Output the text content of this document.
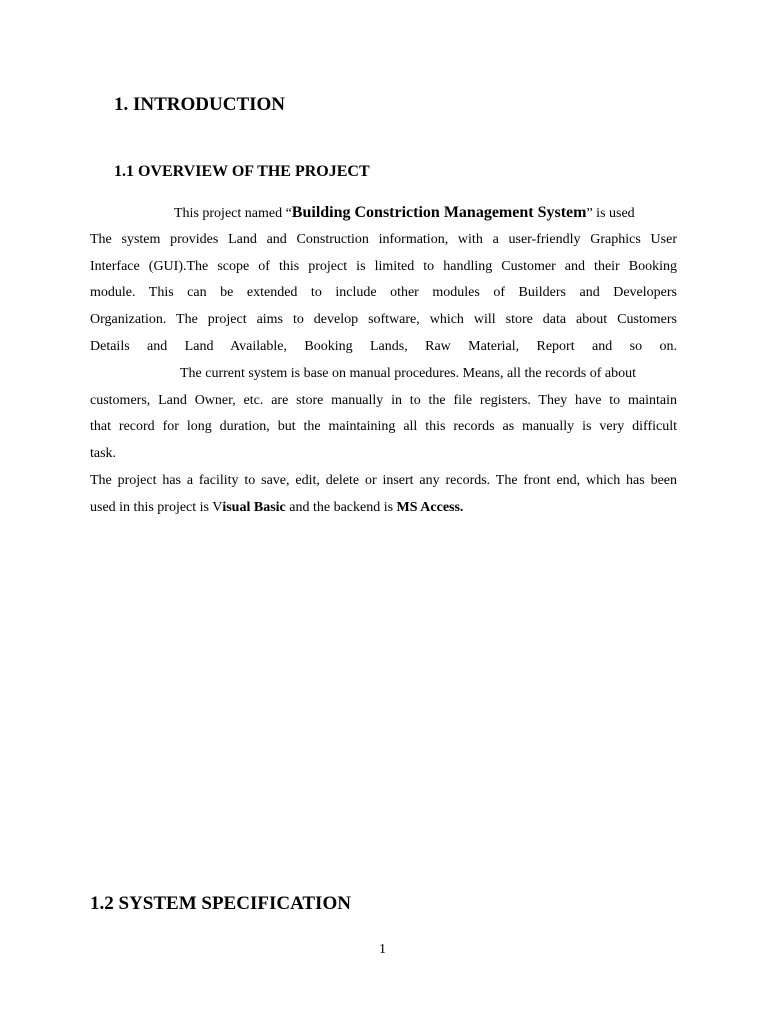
1. INTRODUCTION
1.1 OVERVIEW OF THE PROJECT
This project named “Building Constriction Management System” is used
The system provides Land and Construction information, with a user-friendly Graphics User
Interface (GUI).The scope of this project is limited to handling Customer and their Booking
module. This can be extended to include other modules of Builders and Developers
Organization. The project aims to develop software, which will store data about Customers
Details and Land Available, Booking Lands, Raw Material, Report and so on.
The current system is base on manual procedures. Means, all the records of about
customers, Land Owner, etc. are store manually in to the file registers. They have to maintain
that record for long duration, but the maintaining all this records as manually is very difficult
task.
The project has a facility to save, edit, delete or insert any records. The front end, which has been
used in this project is Visual Basic and the backend is MS Access.
1.2 SYSTEM SPECIFICATION
1
